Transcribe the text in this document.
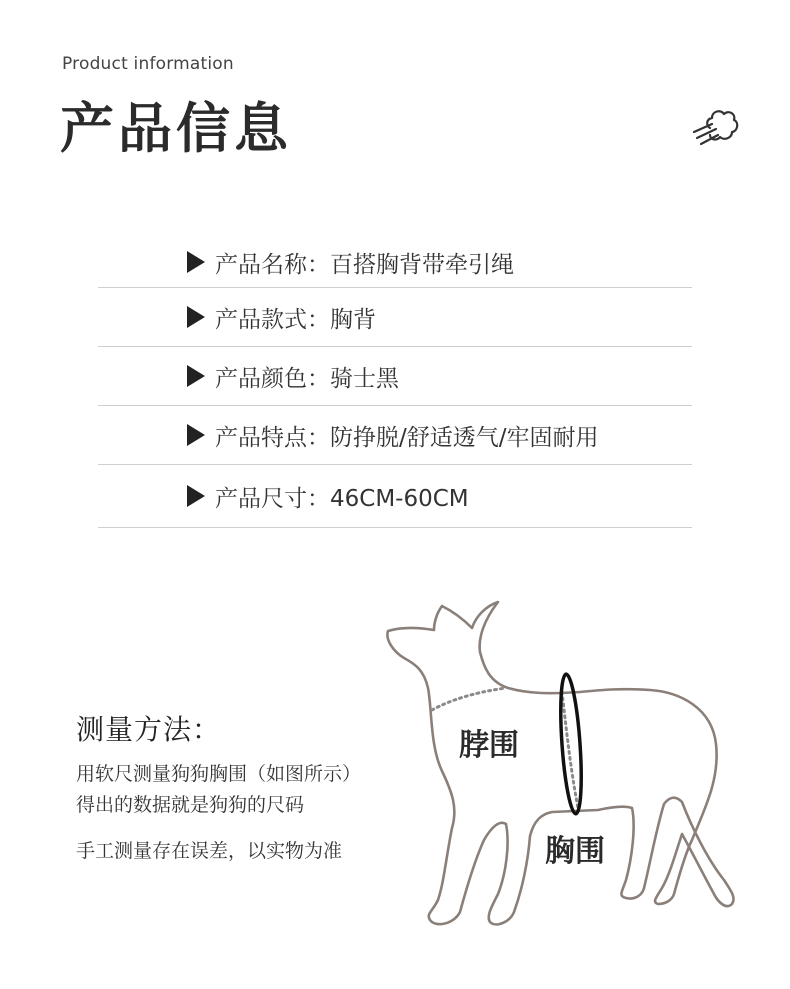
Product information
产品信息
产品名称：百搭胸背带牵引绳
产品款式：胸背
产品颜色：骑士黑
产品特点：防挣脱/舒适透气/牢固耐用
产品尺寸：46CM-60CM
测量方法：
用软尺测量狗狗胸围（如图所示）
得出的数据就是狗狗的尺码
手工测量存在误差，以实物为准
脖围
胸围
